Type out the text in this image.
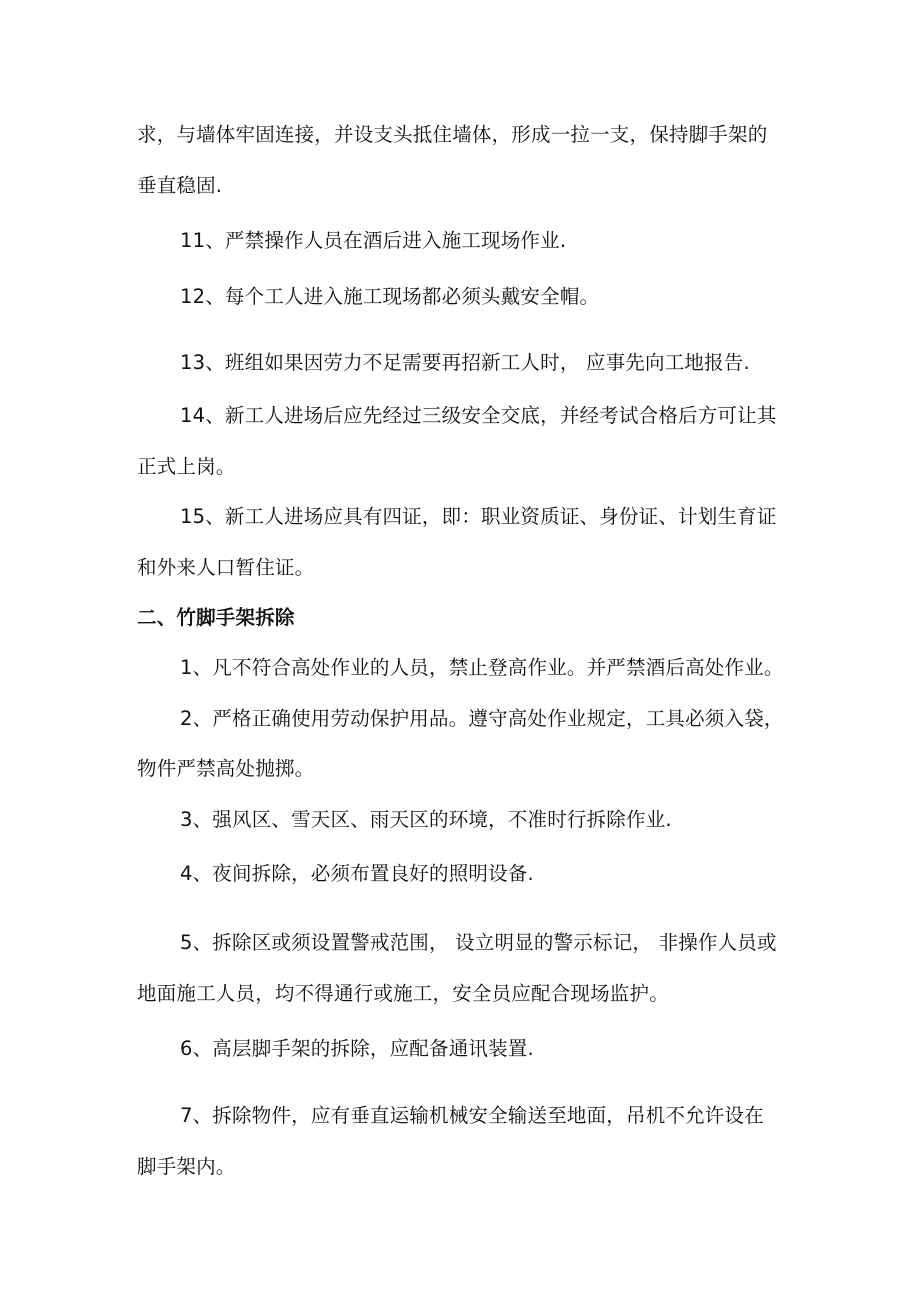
求，与墙体牢固连接，并设支头抵住墙体，形成一拉一支，保持脚手架的
垂直稳固.
11、严禁操作人员在酒后进入施工现场作业.
12、每个工人进入施工现场都必须头戴安全帽。
13、班组如果因劳力不足需要再招新工人时， 应事先向工地报告.
14、新工人进场后应先经过三级安全交底，并经考试合格后方可让其
正式上岗。
15、新工人进场应具有四证，即：职业资质证、身份证、计划生育证
和外来人口暂住证。
二、竹脚手架拆除
1、凡不符合高处作业的人员，禁止登高作业。并严禁酒后高处作业。
2、严格正确使用劳动保护用品。遵守高处作业规定，工具必须入袋，
物件严禁高处抛掷。
3、强风区、雪天区、雨天区的环境，不准时行拆除作业.
4、夜间拆除，必须布置良好的照明设备.
5、拆除区或须设置警戒范围， 设立明显的警示标记， 非操作人员或
地面施工人员，均不得通行或施工，安全员应配合现场监护。
6、高层脚手架的拆除，应配备通讯装置.
7、拆除物件，应有垂直运输机械安全输送至地面，吊机不允许设在
脚手架内。
